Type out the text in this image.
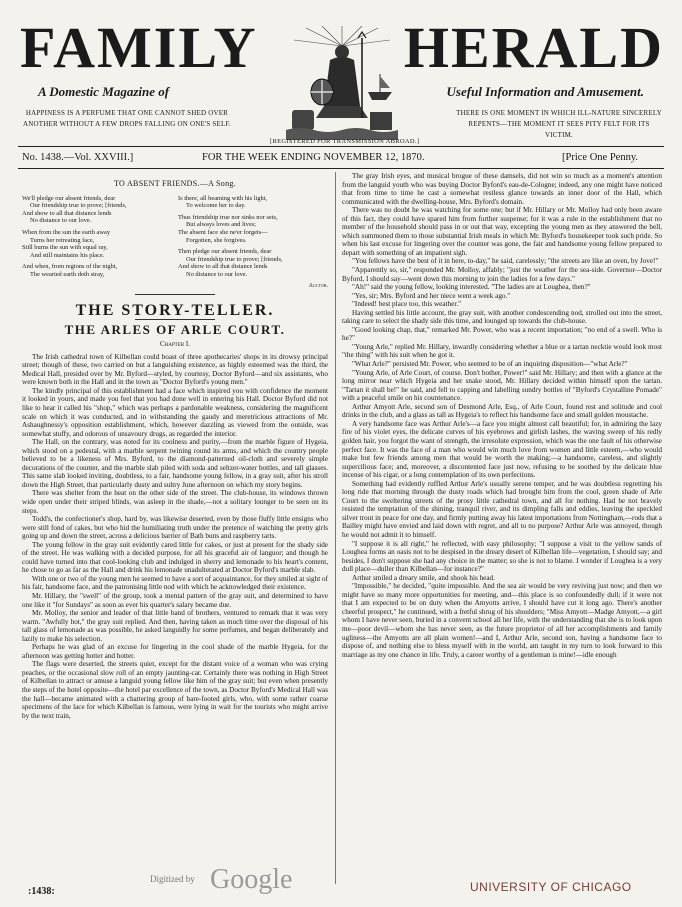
FAMILY	HERALD
A Domestic Magazine of	Useful Information and Amusement.
HAPPINESS IS A PERFUME THAT ONE CANNOT SHED OVER ANOTHER WITHOUT A FEW DROPS FALLING ON ONE'S SELF.
THERE IS ONE MOMENT IN WHICH ILL-NATURE SINCERELY REPENTS—THE MOMENT IT SEES PITY FELT FOR ITS VICTIM.
[REGISTERED FOR TRANSMISSION ABROAD.]
No. 1438.—Vol. XXVIII.]	FOR THE WEEK ENDING NOVEMBER 12, 1870.	[Price One Penny.
TO ABSENT FRIENDS.—A Song.
We'll pledge our absent friends, dear
Our friendship true to prove; [friends,
And show to all that distance lends
No distance to our love.
When from the sun the earth away
Turns her retreating face,
Still burns the sun with equal ray,
And still maintains his place.
And when, from regions of the night,
The wearied earth doth stray,
Is there, all beaming with his light,
To welcome her to day.
Thus friendship true nor sinks nor sets,
But always loves and lives;
The absent face she ne'er forgets—
Forgotten, she forgives.
Then pledge our absent friends, dear
Our friendship true to prove; [friends,
And show to all that distance lends
No distance to our love.
Auctor.
THE STORY-TELLER.
THE ARLES OF ARLE COURT.
Chapter I.

The Irish cathedral town of Kilbellan could boast of three apothecaries' shops in its drowsy principal street; though of these, two carried on but a languishing existence, as highly esteemed was the third, the Medical Hall, presided over by Mr. Byford—styled, by courtesy, Doctor Byford—and six assistants, who were known both in the Hall and in the town as "Doctor Byford's young men."

The kindly principal of this establishment had a face which inspired you with confidence the moment it looked in yours, and made you feel that you had done well in entering his Hall. Doctor Byford did not like to hear it called his "shop," which was perhaps a pardonable weakness, considering the magnificent scale on which it was conducted, and in withstanding the gaudy and meretricious attractions of Mr. Ashaughnessy's opposition establishment, which, however dazzling as viewed from the outside, was somewhat stuffy, and odorous of unsavoury drugs, as regarded the interior.

The Hall, on the contrary, was noted for its coolness and purity,—from the marble figure of Hygeia, which stood on a pedestal, with a marble serpent twining round its arms, and which the country people believed to be a likeness of Mrs. Byford, to the diamond-patterned oil-cloth and severely simple decorations of the counter, and the marble slab piled with soda and seltzer-water bottles, and tall glasses. This same slab looked inviting, doubtless, to a fair, handsome young fellow, in a gray suit, after his stroll down the High Street, that particularly dusty and sultry June afternoon on which my story begins.

There was shelter from the heat on the other side of the street. The club-house, its windows thrown wide open under their striped blinds, was asleep in the shade,—not a solitary lounger to be seen on its steps.

Todd's, the confectioner's shop, hard by, was likewise deserted, even by those fluffy little ensigns who were still fond of cakes, but who hid the humiliating truth under the pretence of watching the pretty girls going up and down the street, across a delicious barrier of Bath buns and raspberry tarts.

The young fellow in the gray suit evidently cared little for cakes, or just at present for the shady side of the street. He was walking with a decided purpose, for all his graceful air of languor; and though he could have turned into that cool-looking club and indulged in sherry and lemonade to his heart's content, he chose to go as far as the Hall and drink his lemonade unadulterated at Doctor Byford's marble slab.

With one or two of the young men he seemed to have a sort of acquaintance, for they smiled at sight of his fair, handsome face, and the patronising little nod with which he acknowledged their existence.

Mr. Hillary, the "swell" of the group, took a mental pattern of the gray suit, and determined to have one like it "for Sundays" as soon as ever his quarter's salary became due.

Mr. Molloy, the senior and leader of that little band of brothers, ventured to remark that it was very warm. "Awfully hot," the gray suit replied. And then, having taken as much time over the disposal of his tall glass of lemonade as was possible, he asked languidly for some perfumes, and began deliberately and lazily to make his selection.

Perhaps he was glad of an excuse for lingering in the cool shade of the marble Hygeia, for the afternoon was getting hotter and hotter.

The flags were deserted, the streets quiet, except for the distant voice of a woman who was crying peaches, or the occasional slow roll of an empty jaunting-car. Certainly there was nothing in High Street of Kilbellan to attract or amuse a languid young fellow like him of the gray suit; but even when presently the steps of the hotel opposite—the hotel par excellence of the town, as Doctor Byford's Medical Hall was the hall—became animated with a chattering group of bare-footed girls, who, with some rather coarse specimens of the lace for which Kilbellan is famous, were lying in wait for the tourists who might arrive by the next train,

The gray Irish eyes, and musical brogue of these damsels, did not win so much as a moment's attention from the languid youth who was buying Doctor Byford's eau-de-Cologne; indeed, any one might have noticed that from time to time he cast a somewhat restless glance towards an inner door of the Hall, which communicated with the dwelling-house, Mrs. Byford's domain.

There was no doubt he was watching for some one; but if Mr. Hillary or Mr. Molloy had only been aware of this fact, they could have spared him from further suspense; for it was a rule in the establishment that no member of the household should pass in or out that way, excepting the young men as they answered the bell, which summoned them to those substantial Irish meals in which Mr. Byford's housekeeper took such pride. So when his last excuse for lingering over the counter was gone, the fair and handsome young fellow prepared to depart with something of an impatient sigh.

"You fellows have the best of it in here, to-day," he said, carelessly; "the streets are like an oven, by Jove!"

"Apparently so, sir," responded Mr. Molloy, affably; "just the weather for the sea-side. Governor—Doctor Byford, I should say—went down this morning to join the ladies for a few days."

"Ah!" said the young fellow, looking interested. "The ladies are at Loughea, then?"

"Yes, sir; Mrs. Byford and her niece went a week ago."

"Indeed! best place too, this weather."

Having settled his little account, the gray suit, with another condescending nod, strolled out into the street, taking care to select the shady side this time, and lounged up towards the club-house.

"Good looking chap, that," remarked Mr. Power, who was a recent importation; "no end of a swell. Who is he?"

"Young Arle," replied Mr. Hillary, inwardly considering whether a blue or a tartan necktie would look most "the thing" with his suit when he got it.

"What Arle?" persisted Mr. Power, who seemed to be of an inquiring disposition—"what Arle?"

"Young Arle, of Arle Court, of course. Don't bother, Power!" said Mr. Hillary; and then with a glance at the long mirror near which Hygeia and her snake stood, Mr. Hillary decided within himself upon the tartan. "Tartan it shall be!" he said, and fell to capping and labelling sundry bottles of "Byford's Crystalline Pomade" with a peaceful smile on his countenance.

Arthur Amyott Arle, second son of Desmond Arle, Esq., of Arle Court, found rest and solitude and cool drinks in the club, and a glass as tall as Hygeia's to reflect his handsome face and small golden moustache.

A very handsome face was Arthur Arle's—a face you might almost call beautiful; for, in admiring the lazy fire of his violet eyes, the delicate curves of his eyebrows and girlish lashes, the waving sweep of his redly golden hair, you forgot the want of strength, the irresolute expression, which was the one fault of his otherwise perfect face. It was the face of a man who would win much love from women and little esteem,—who would make but few friends among men that would be worth the making;—a handsome, careless, and slightly supercilious face; and, moreover, a discontented face just now, refusing to be soothed by the delicate blue incense of his cigar, or a long contemplation of its own perfections.

Something had evidently ruffled Arthur Arle's usually serene temper, and he was doubtless regretting his long ride that morning through the dusty roads which had brought him from the cool, green shade of Arle Court to the sweltering streets of the prosy little cathedral town, and all for nothing. Had he not bravely resisted the temptation of the shining, tranquil river, and its dimpling falls and eddies, leaving the speckled silver trout in peace for one day, and firmly putting away his latest importations from Nottingham,—rods that a Bailley might have envied and laid down with regret, and all to no purpose? Arthur Arle was annoyed, though he would not admit it to himself.

"I suppose it is all right," he reflected, with easy philosophy; "I suppose a visit to the yellow sands of Loughea forms an oasis not to be despised in the dreary desert of Kilbellan life—vegetation, I should say; and besides, I don't suppose she had any choice in the matter; so she is not to blame. I wonder if Loughea is a very dull place—duller than Kilbellan—for instance?"

Arthur smiled a dreary smile, and shook his head.

"Impossible," he decided, "quite impossible. And the sea air would be very reviving just now; and then we might have so many more opportunities for meeting, and—this place is so confoundedly dull; if it were not that I am expected to be on duty when the Amyotts arrive, I should have cut it long ago. There's another cheerful prospect," he continued, with a fretful shrug of his shoulders; "Miss Amyott—Madge Amyott,—a girl whom I have never seen, buried in a convent school all her life, with the understanding that she is to look upon me—poor devil—whom she has never seen, as the future proprietor of all her accomplishments and family ugliness—the Amyotts are all plain women!—and I, Arthur Arle, second son, having a handsome face to dispose of, and nothing else to bless myself with in the world, am taught in my turn to look forward to this marriage as my one chance in life. Truly, a career worthy of a gentleman is mine!—idle enough

:1438:
Digitized by Google	UNIVERSITY OF CHICAGO
